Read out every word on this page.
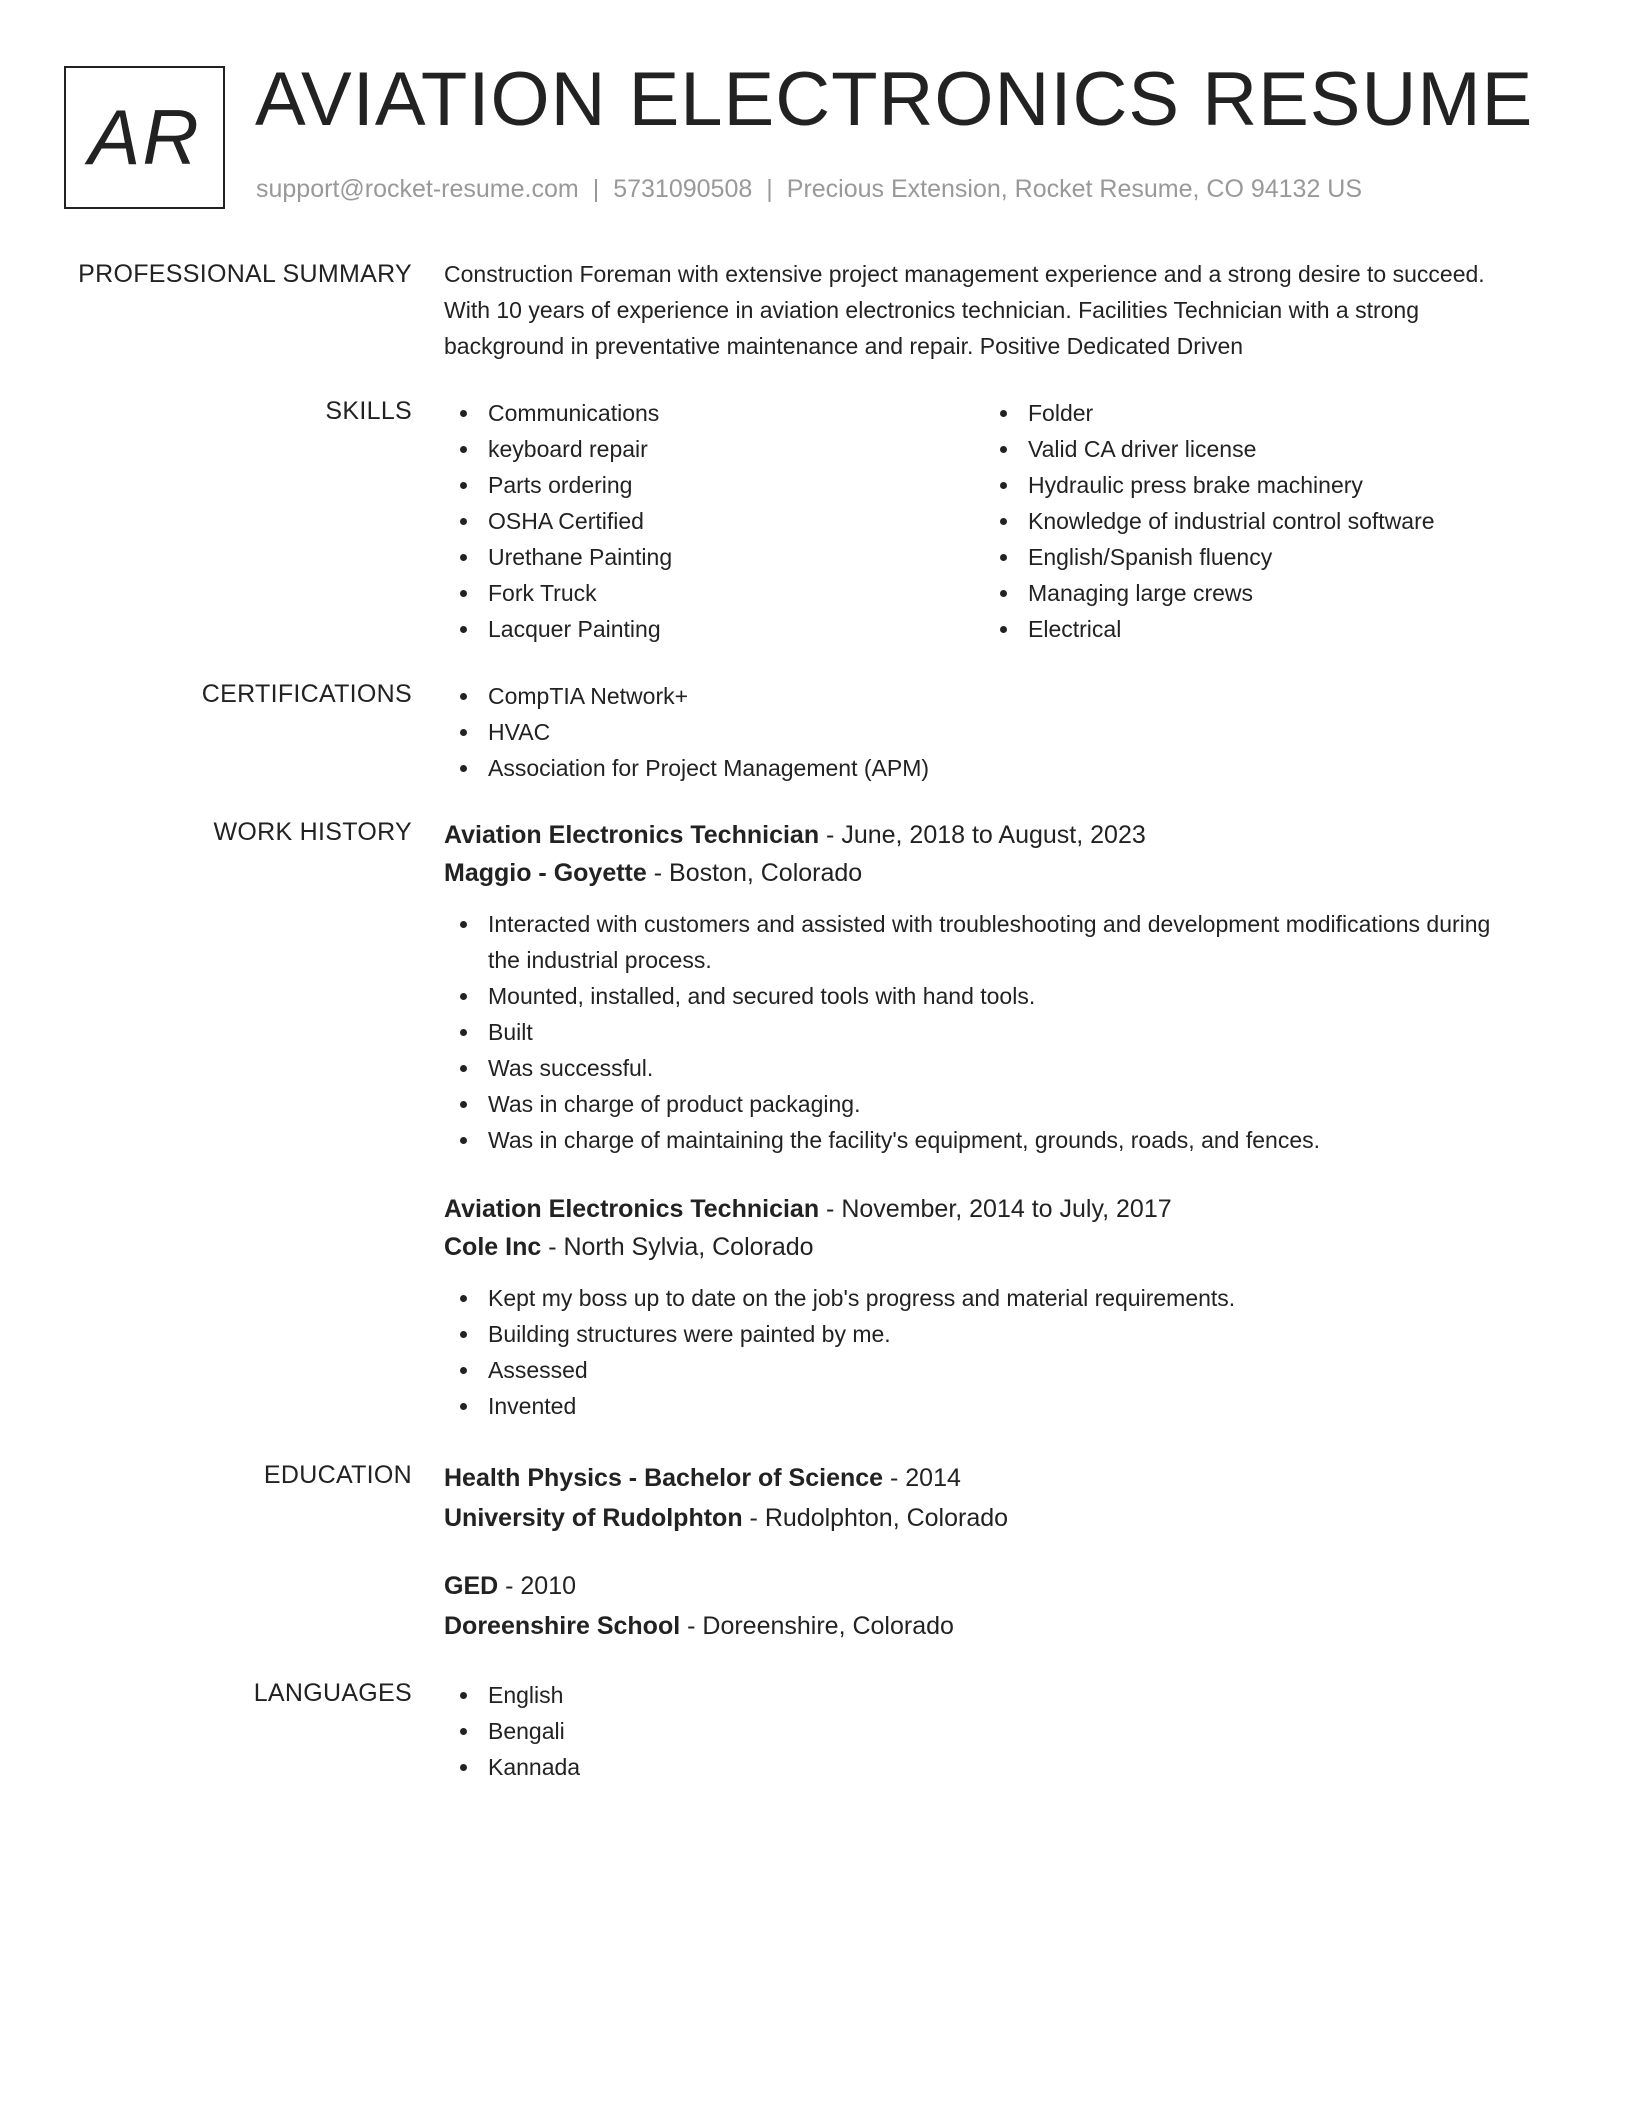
AR AVIATION ELECTRONICS RESUME
support@rocket-resume.com | 5731090508 | Precious Extension, Rocket Resume, CO 94132 US
PROFESSIONAL SUMMARY Construction Foreman with extensive project management experience and a strong desire to succeed. With 10 years of experience in aviation electronics technician. Facilities Technician with a strong background in preventative maintenance and repair. Positive Dedicated Driven
SKILLS	Communications
keyboard repair
Parts ordering
OSHA Certified
Urethane Painting
Fork Truck
Lacquer Painting
Folder
Valid CA driver license
Hydraulic press brake machinery
Knowledge of industrial control software
English/Spanish fluency
Managing large crews
Electrical
CERTIFICATIONS	CompTIA Network+
HVAC
Association for Project Management (APM)
WORK HISTORY Aviation Electronics Technician - June, 2018 to August, 2023
Maggio - Goyette - Boston, Colorado
Interacted with customers and assisted with troubleshooting and development modifications during the industrial process.
Mounted, installed, and secured tools with hand tools.
Built
Was successful.
Was in charge of product packaging.
Was in charge of maintaining the facility's equipment, grounds, roads, and fences.
Aviation Electronics Technician - November, 2014 to July, 2017
Cole Inc - North Sylvia, Colorado
Kept my boss up to date on the job's progress and material requirements.
Building structures were painted by me.
Assessed
Invented
EDUCATION Health Physics - Bachelor of Science - 2014
University of Rudolphton - Rudolphton, Colorado
GED - 2010
Doreenshire School - Doreenshire, Colorado
LANGUAGES	English
Bengali
Kannada
